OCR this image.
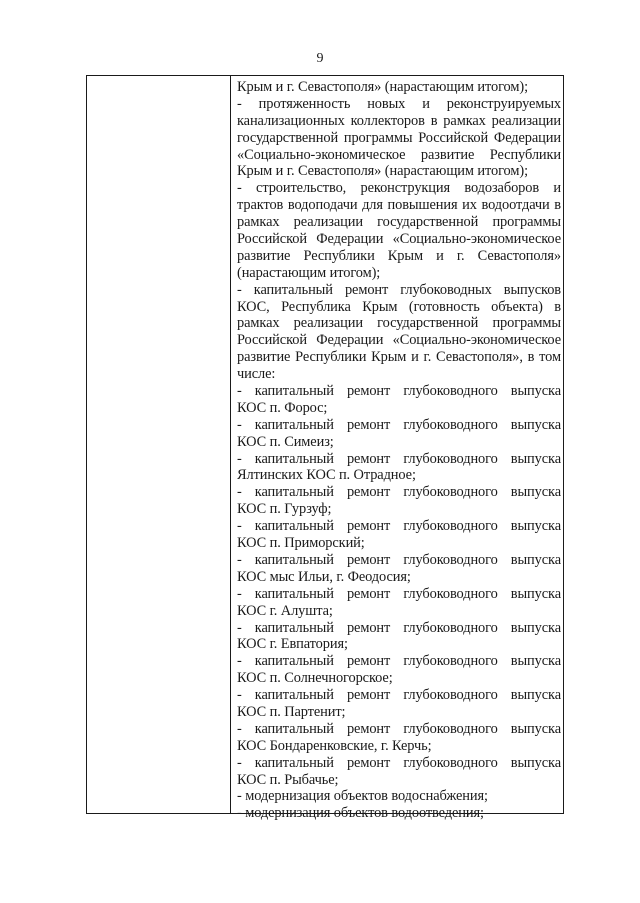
9
Крым и г. Севастополя» (нарастающим итогом);
- протяженность новых и реконструируемых
канализационных коллекторов в рамках реализации
государственной программы Российской Федерации
«Социально-экономическое развитие Республики
Крым и г. Севастополя» (нарастающим итогом);
- строительство, реконструкция водозаборов и
трактов водоподачи для повышения их водоотдачи в
рамках реализации государственной программы
Российской Федерации «Социально-экономическое
развитие Республики Крым и г. Севастополя»
(нарастающим итогом);
- капитальный ремонт глубоководных выпусков
КОС, Республика Крым (готовность объекта) в
рамках реализации государственной программы
Российской Федерации «Социально-экономическое
развитие Республики Крым и г. Севастополя», в том
числе:
- капитальный ремонт глубоководного выпуска
КОС п. Форос;
- капитальный ремонт глубоководного выпуска
КОС п. Симеиз;
- капитальный ремонт глубоководного выпуска
Ялтинских КОС п. Отрадное;
- капитальный ремонт глубоководного выпуска
КОС п. Гурзуф;
- капитальный ремонт глубоководного выпуска
КОС п. Приморский;
- капитальный ремонт глубоководного выпуска
КОС мыс Ильи, г. Феодосия;
- капитальный ремонт глубоководного выпуска
КОС г. Алушта;
- капитальный ремонт глубоководного выпуска
КОС г. Евпатория;
- капитальный ремонт глубоководного выпуска
КОС п. Солнечногорское;
- капитальный ремонт глубоководного выпуска
КОС п. Партенит;
- капитальный ремонт глубоководного выпуска
КОС Бондаренковские, г. Керчь;
- капитальный ремонт глубоководного выпуска
КОС п. Рыбачье;
- модернизация объектов водоснабжения;
- модернизация объектов водоотведения;
